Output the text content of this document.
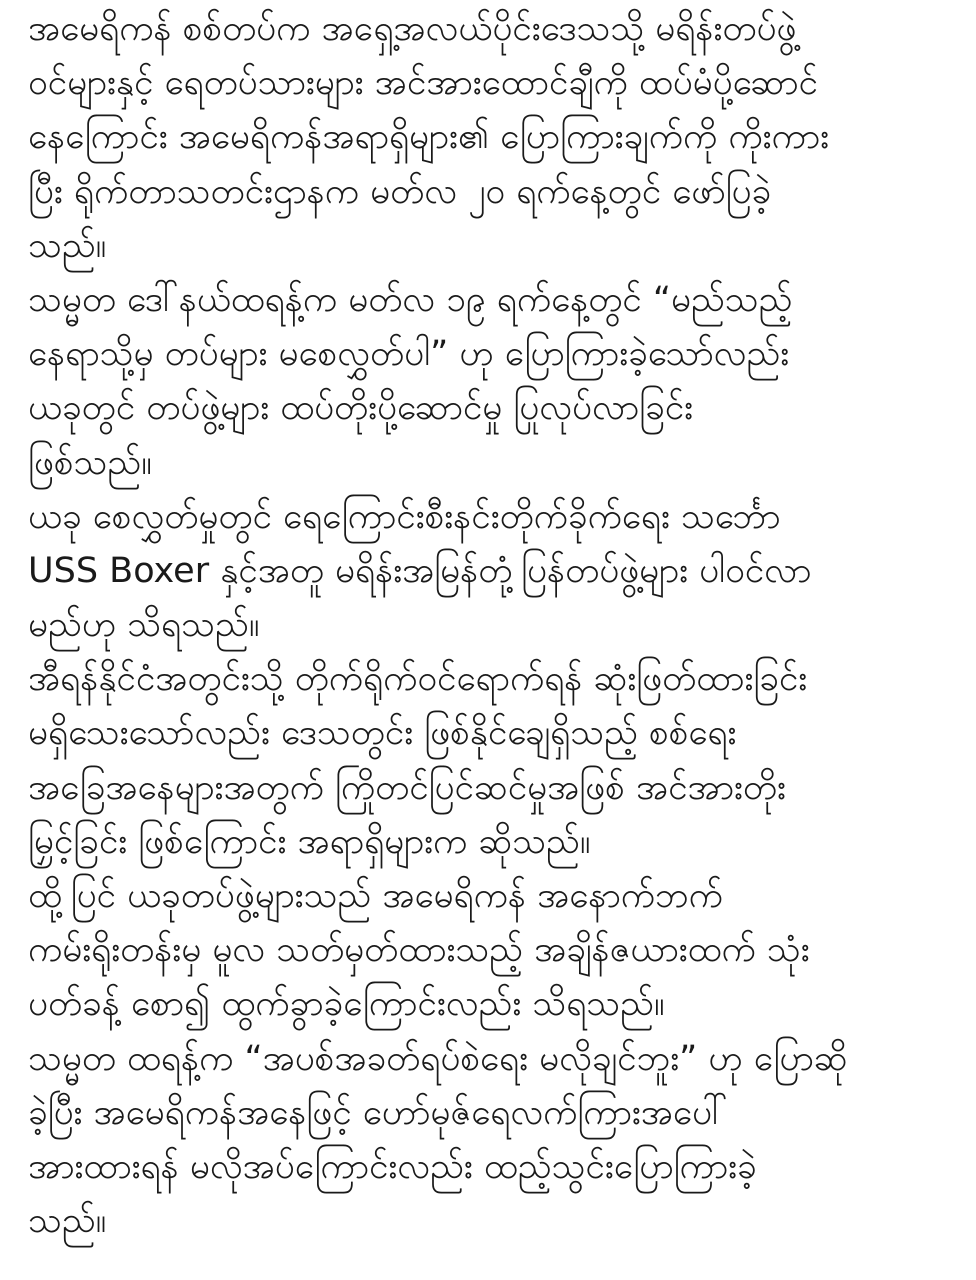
အမေရိကန် စစ်တပ်က အရှေ့အလယ်ပိုင်းဒေသသို့ မရိန်းတပ်ဖွဲ့
ဝင်များနှင့် ရေတပ်သားများ အင်အားထောင်ချီကို ထပ်မံပို့ဆောင်
နေကြောင်း အမေရိကန်အရာရှိများ၏ ပြောကြားချက်ကို ကိုးကား
ပြီး ရိုက်တာသတင်းဌာနက မတ်လ ၂၀ ရက်နေ့တွင် ဖော်ပြခဲ့
သည်။
သမ္မတ ဒေါ်နယ်ထရန့်က မတ်လ ၁၉ ရက်နေ့တွင် “မည်သည့်
နေရာသို့မှ တပ်များ မစေလွှတ်ပါ” ဟု ပြောကြားခဲ့သော်လည်း
ယခုတွင် တပ်ဖွဲ့များ ထပ်တိုးပို့ဆောင်မှု ပြုလုပ်လာခြင်း
ဖြစ်သည်။
ယခု စေလွှတ်မှုတွင် ရေကြောင်းစီးနင်းတိုက်ခိုက်ရေး သင်္ဘော
USS Boxer နှင့်အတူ မရိန်းအမြန်တုံ့ပြန်တပ်ဖွဲ့များ ပါဝင်လာ
မည်ဟု သိရသည်။
အီရန်နိုင်ငံအတွင်းသို့ တိုက်ရိုက်ဝင်ရောက်ရန် ဆုံးဖြတ်ထားခြင်း
မရှိသေးသော်လည်း ဒေသတွင်း ဖြစ်နိုင်ချေရှိသည့် စစ်ရေး
အခြေအနေများအတွက် ကြိုတင်ပြင်ဆင်မှုအဖြစ် အင်အားတိုး
မြှင့်ခြင်း ဖြစ်ကြောင်း အရာရှိများက ဆိုသည်။
ထို့ပြင် ယခုတပ်ဖွဲ့များသည် အမေရိကန် အနောက်ဘက်
ကမ်းရိုးတန်းမှ မူလ သတ်မှတ်ထားသည့် အချိန်ဇယားထက် သုံး
ပတ်ခန့် စော၍ ထွက်ခွာခဲ့ကြောင်းလည်း သိရသည်။
သမ္မတ ထရန့်က “အပစ်အခတ်ရပ်စဲရေး မလိုချင်ဘူး” ဟု ပြောဆို
ခဲ့ပြီး အမေရိကန်အနေဖြင့် ဟော်မုဇ်ရေလက်ကြားအပေါ်
အားထားရန် မလိုအပ်ကြောင်းလည်း ထည့်သွင်းပြောကြားခဲ့
သည်။
